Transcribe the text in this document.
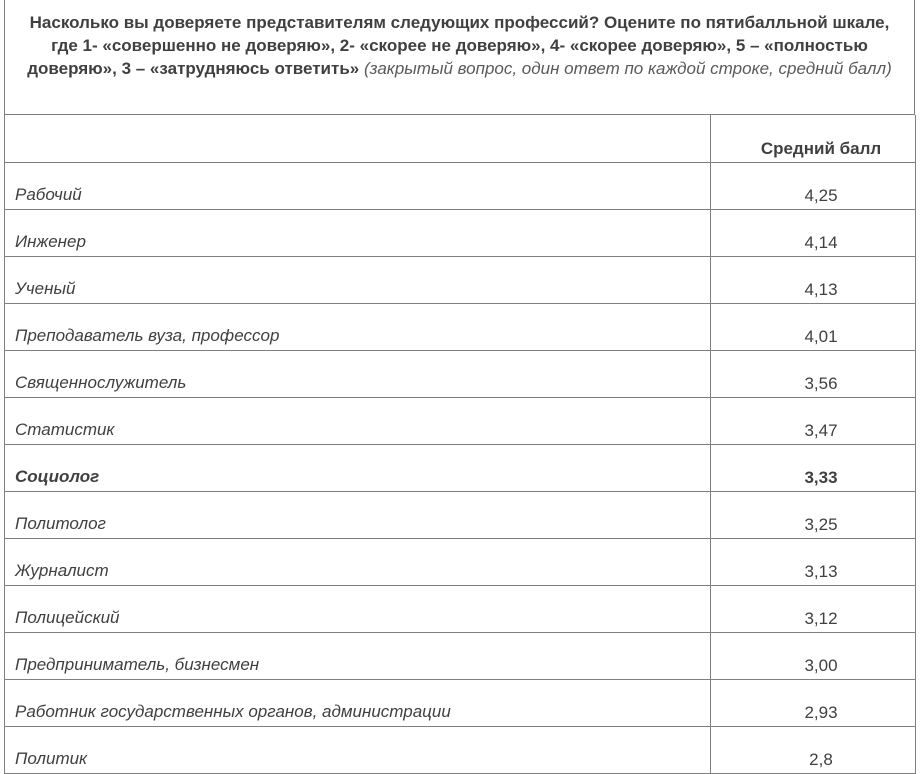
Насколько вы доверяете представителям следующих профессий? Оцените по пятибалльной шкале, где 1- «совершенно не доверяю», 2- «скорее не доверяю», 4- «скорее доверяю», 5 – «полностью доверяю», 3 – «затрудняюсь ответить» (закрытый вопрос, один ответ по каждой строке, средний балл)
	Средний балл
Рабочий	4,25
Инженер	4,14
Ученый	4,13
Преподаватель вуза, профессор	4,01
Священнослужитель	3,56
Статистик	3,47
Социолог	3,33
Политолог	3,25
Журналист	3,13
Полицейский	3,12
Предприниматель, бизнесмен	3,00
Работник государственных органов, администрации	2,93
Политик	2,8
